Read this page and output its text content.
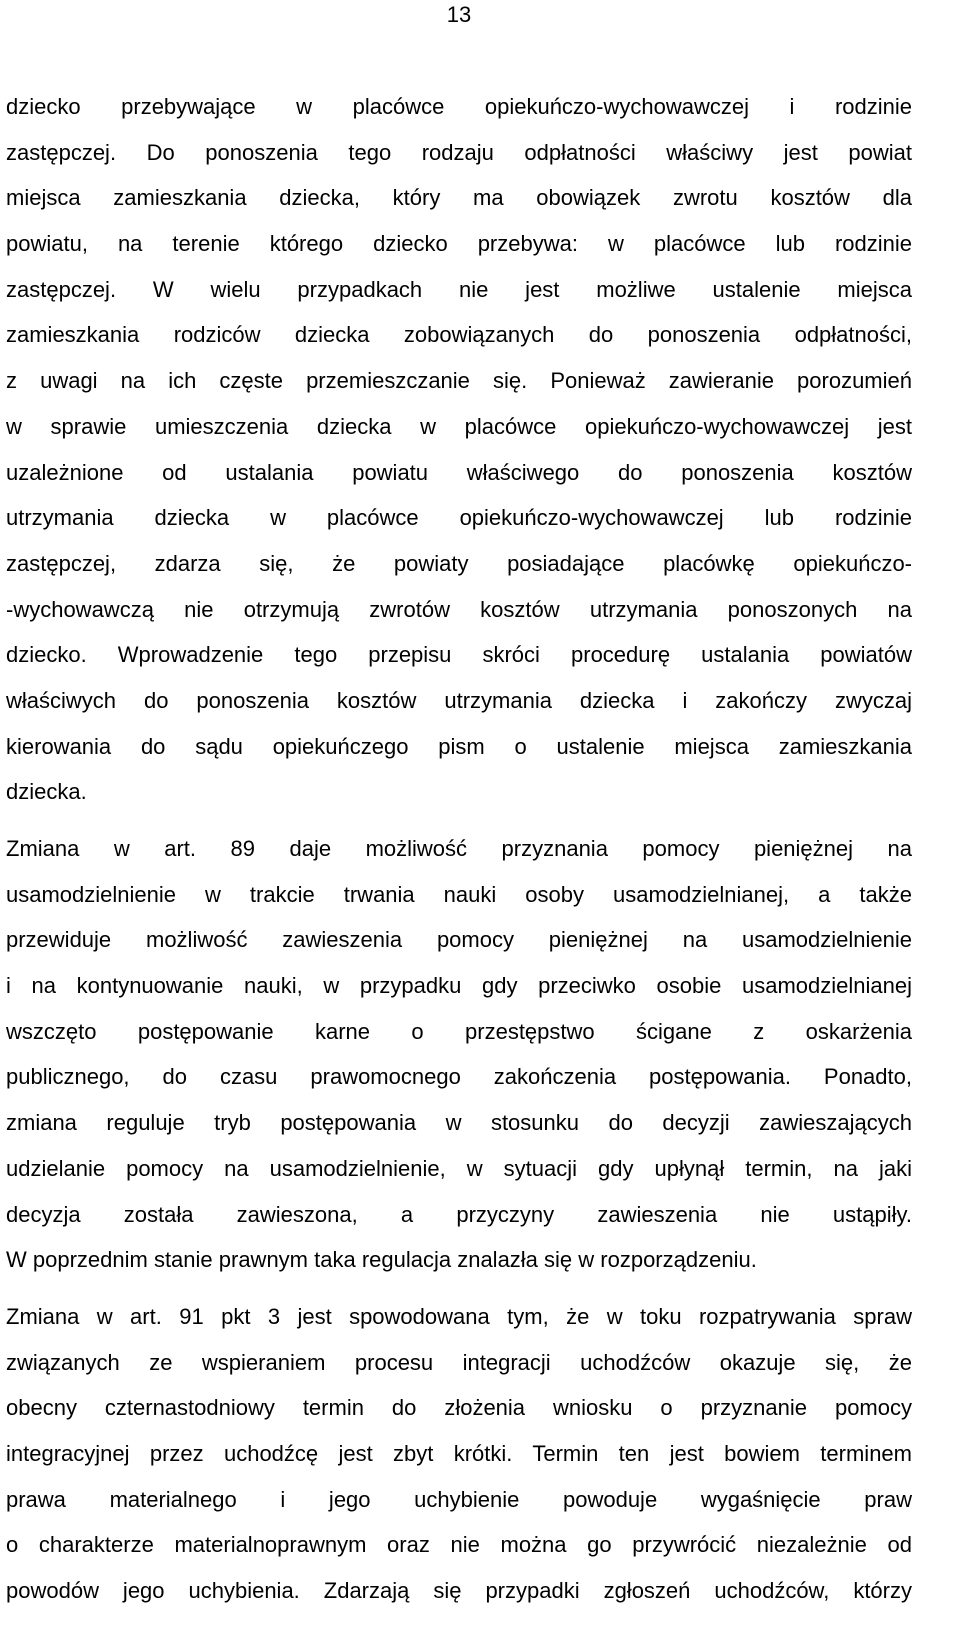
13
dziecko przebywające w placówce opiekuńczo-wychowawczej i rodzinie
zastępczej. Do ponoszenia tego rodzaju odpłatności właściwy jest powiat
miejsca zamieszkania dziecka, który ma obowiązek zwrotu kosztów dla
powiatu, na terenie którego dziecko przebywa: w placówce lub rodzinie
zastępczej. W wielu przypadkach nie jest możliwe ustalenie miejsca
zamieszkania rodziców dziecka zobowiązanych do ponoszenia odpłatności,
z uwagi na ich częste przemieszczanie się. Ponieważ zawieranie porozumień
w sprawie umieszczenia dziecka w placówce opiekuńczo-wychowawczej jest
uzależnione od ustalania powiatu właściwego do ponoszenia kosztów
utrzymania dziecka w placówce opiekuńczo-wychowawczej lub rodzinie
zastępczej, zdarza się, że powiaty posiadające placówkę opiekuńczo-
-wychowawczą nie otrzymują zwrotów kosztów utrzymania ponoszonych na
dziecko. Wprowadzenie tego przepisu skróci procedurę ustalania powiatów
właściwych do ponoszenia kosztów utrzymania dziecka i zakończy zwyczaj
kierowania do sądu opiekuńczego pism o ustalenie miejsca zamieszkania
dziecka.
Zmiana w art. 89 daje możliwość przyznania pomocy pieniężnej na
usamodzielnienie w trakcie trwania nauki osoby usamodzielnianej, a także
przewiduje możliwość zawieszenia pomocy pieniężnej na usamodzielnienie
i na kontynuowanie nauki, w przypadku gdy przeciwko osobie usamodzielnianej
wszczęto postępowanie karne o przestępstwo ścigane z oskarżenia
publicznego, do czasu prawomocnego zakończenia postępowania. Ponadto,
zmiana reguluje tryb postępowania w stosunku do decyzji zawieszających
udzielanie pomocy na usamodzielnienie, w sytuacji gdy upłynął termin, na jaki
decyzja została zawieszona, a przyczyny zawieszenia nie ustąpiły.
W poprzednim stanie prawnym taka regulacja znalazła się w rozporządzeniu.
Zmiana w art. 91 pkt 3 jest spowodowana tym, że w toku rozpatrywania spraw
związanych ze wspieraniem procesu integracji uchodźców okazuje się, że
obecny czternastodniowy termin do złożenia wniosku o przyznanie pomocy
integracyjnej przez uchodźcę jest zbyt krótki. Termin ten jest bowiem terminem
prawa materialnego i jego uchybienie powoduje wygaśnięcie praw
o charakterze materialnoprawnym oraz nie można go przywrócić niezależnie od
powodów jego uchybienia. Zdarzają się przypadki zgłoszeń uchodźców, którzy
